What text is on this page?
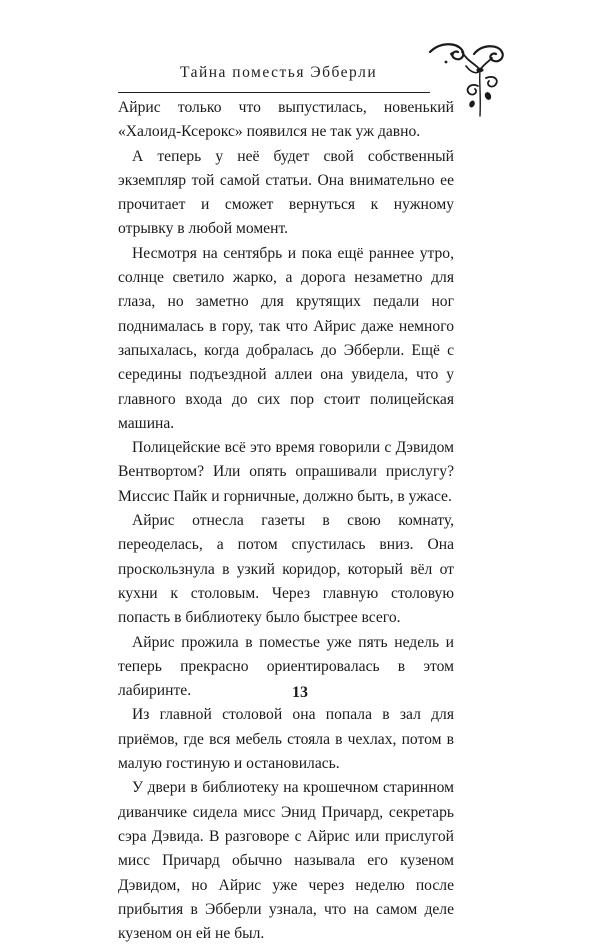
Тайна поместья Эбберли

Айрис только что выпустилась, новенький «Халоид-Ксерокс» появился не так уж давно.

А теперь у неё будет свой собственный экземпляр той самой статьи. Она внимательно ее прочитает и сможет вернуться к нужному отрывку в любой момент.

Несмотря на сентябрь и пока ещё раннее утро, солнце светило жарко, а дорога незаметно для глаза, но заметно для крутящих педали ног поднималась в гору, так что Айрис даже немного запыхалась, когда добралась до Эбберли. Ещё с середины подъездной аллеи она увидела, что у главного входа до сих пор стоит полицейская машина.

Полицейские всё это время говорили с Дэвидом Вентвортом? Или опять опрашивали прислугу? Миссис Пайк и горничные, должно быть, в ужасе.

Айрис отнесла газеты в свою комнату, переоделась, а потом спустилась вниз. Она проскользнула в узкий коридор, который вёл от кухни к столовым. Через главную столовую попасть в библиотеку было быстрее всего.

Айрис прожила в поместье уже пять недель и теперь прекрасно ориентировалась в этом лабиринте.

Из главной столовой она попала в зал для приёмов, где вся мебель стояла в чехлах, потом в малую гостиную и остановилась.

У двери в библиотеку на крошечном старинном диванчике сидела мисс Энид Причард, секретарь сэра Дэвида. В разговоре с Айрис или прислугой мисс Причард обычно называла его кузеном Дэвидом, но Айрис уже через неделю после прибытия в Эбберли узнала, что на самом деле кузеном он ей не был.

13
